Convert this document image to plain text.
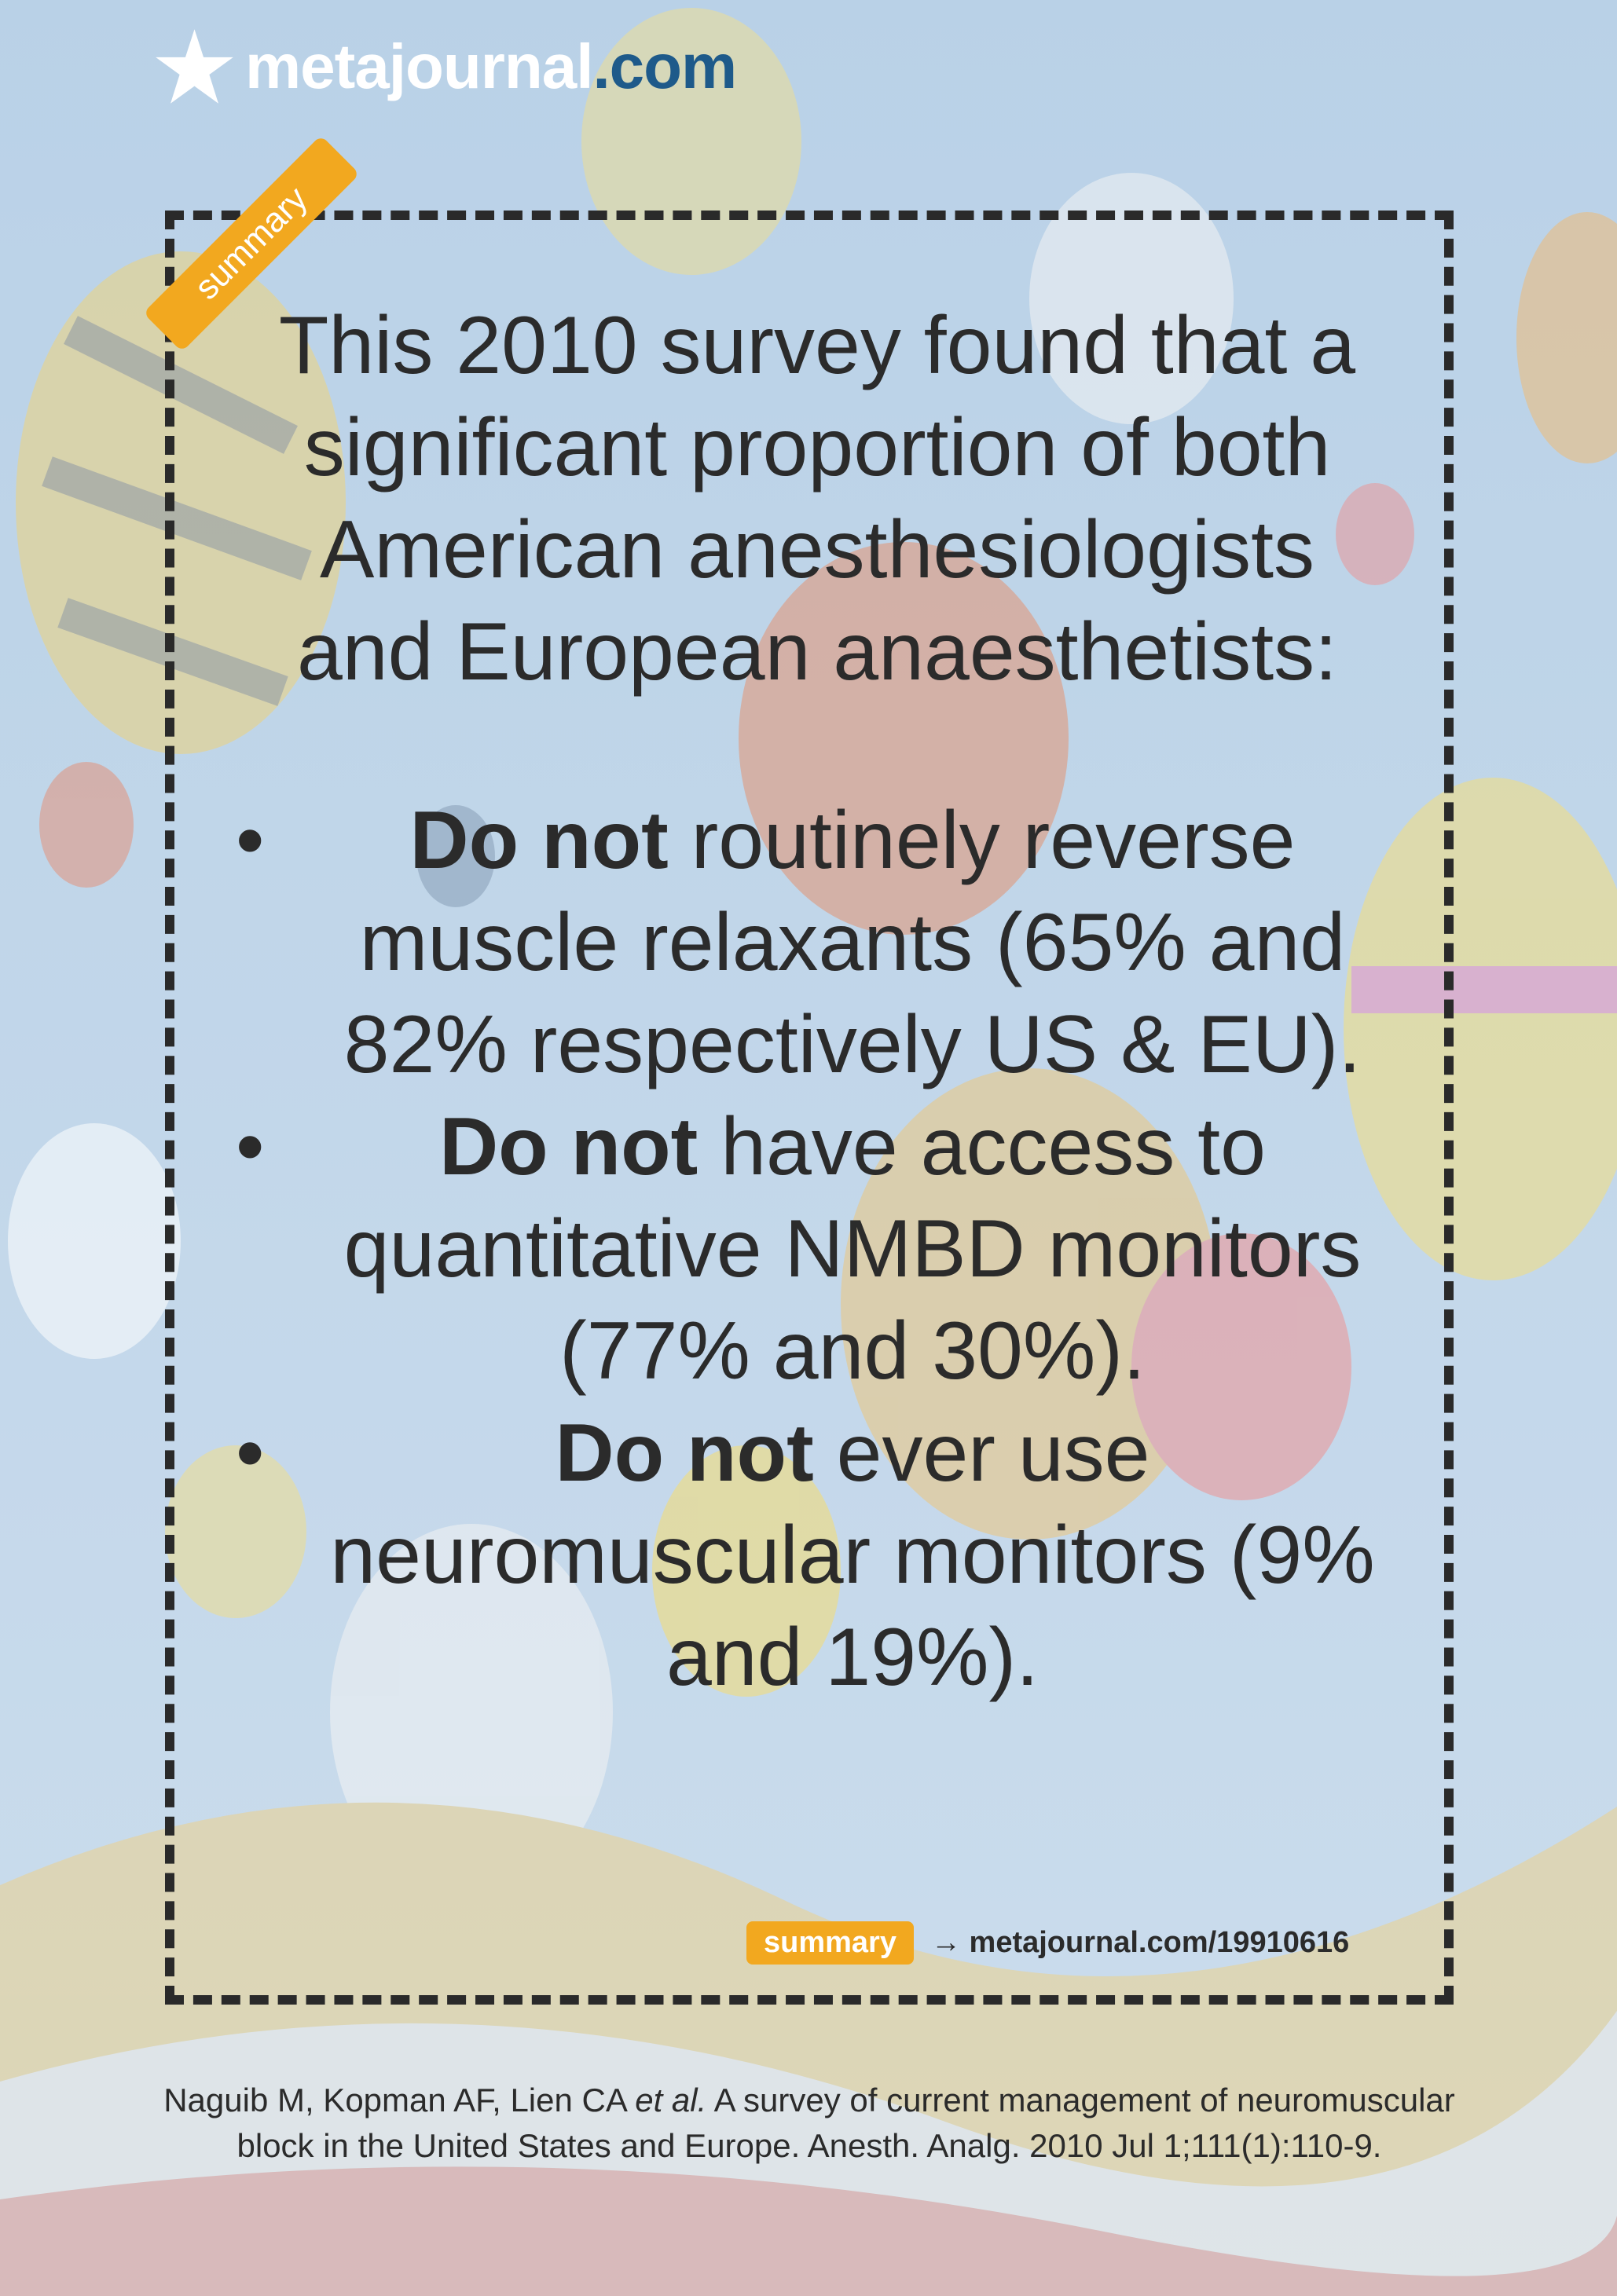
metajournal.com
summary

This 2010 survey found that a significant proportion of both American anesthesiologists and European anaesthetists:

• Do not routinely reverse muscle relaxants (65% and 82% respectively US & EU).
• Do not have access to quantitative NMBD monitors (77% and 30%).
•	Do not ever use neuromuscular monitors (9% and 19%).
summary	→ metajournal.com/19910616
Naguib M, Kopman AF, Lien CA et al. A survey of current management of neuromuscular block in the United States and Europe. Anesth. Analg. 2010 Jul 1;111(1):110-9.
